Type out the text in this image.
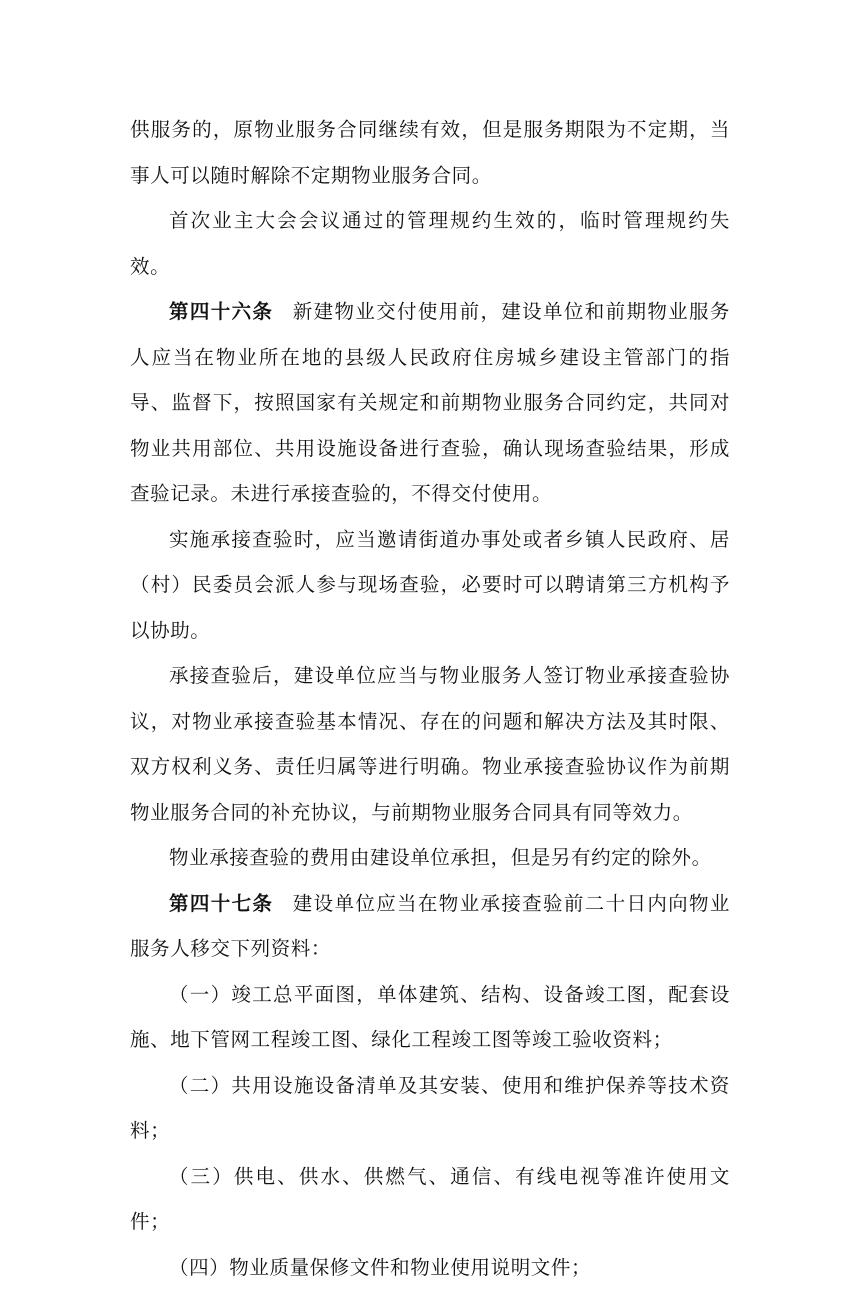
供服务的，原物业服务合同继续有效，但是服务期限为不定期，当事人可以随时解除不定期物业服务合同。

首次业主大会会议通过的管理规约生效的，临时管理规约失效。

第四十六条 新建物业交付使用前，建设单位和前期物业服务人应当在物业所在地的县级人民政府住房城乡建设主管部门的指导、监督下，按照国家有关规定和前期物业服务合同约定，共同对物业共用部位、共用设施设备进行查验，确认现场查验结果，形成查验记录。未进行承接查验的，不得交付使用。

实施承接查验时，应当邀请街道办事处或者乡镇人民政府、居（村）民委员会派人参与现场查验，必要时可以聘请第三方机构予以协助。

承接查验后，建设单位应当与物业服务人签订物业承接查验协议，对物业承接查验基本情况、存在的问题和解决方法及其时限、双方权利义务、责任归属等进行明确。物业承接查验协议作为前期物业服务合同的补充协议，与前期物业服务合同具有同等效力。

物业承接查验的费用由建设单位承担，但是另有约定的除外。

第四十七条 建设单位应当在物业承接查验前二十日内向物业服务人移交下列资料：

（一）竣工总平面图，单体建筑、结构、设备竣工图，配套设施、地下管网工程竣工图、绿化工程竣工图等竣工验收资料；

（二）共用设施设备清单及其安装、使用和维护保养等技术资料；

（三）供电、供水、供燃气、通信、有线电视等准许使用文件；

（四）物业质量保修文件和物业使用说明文件；
